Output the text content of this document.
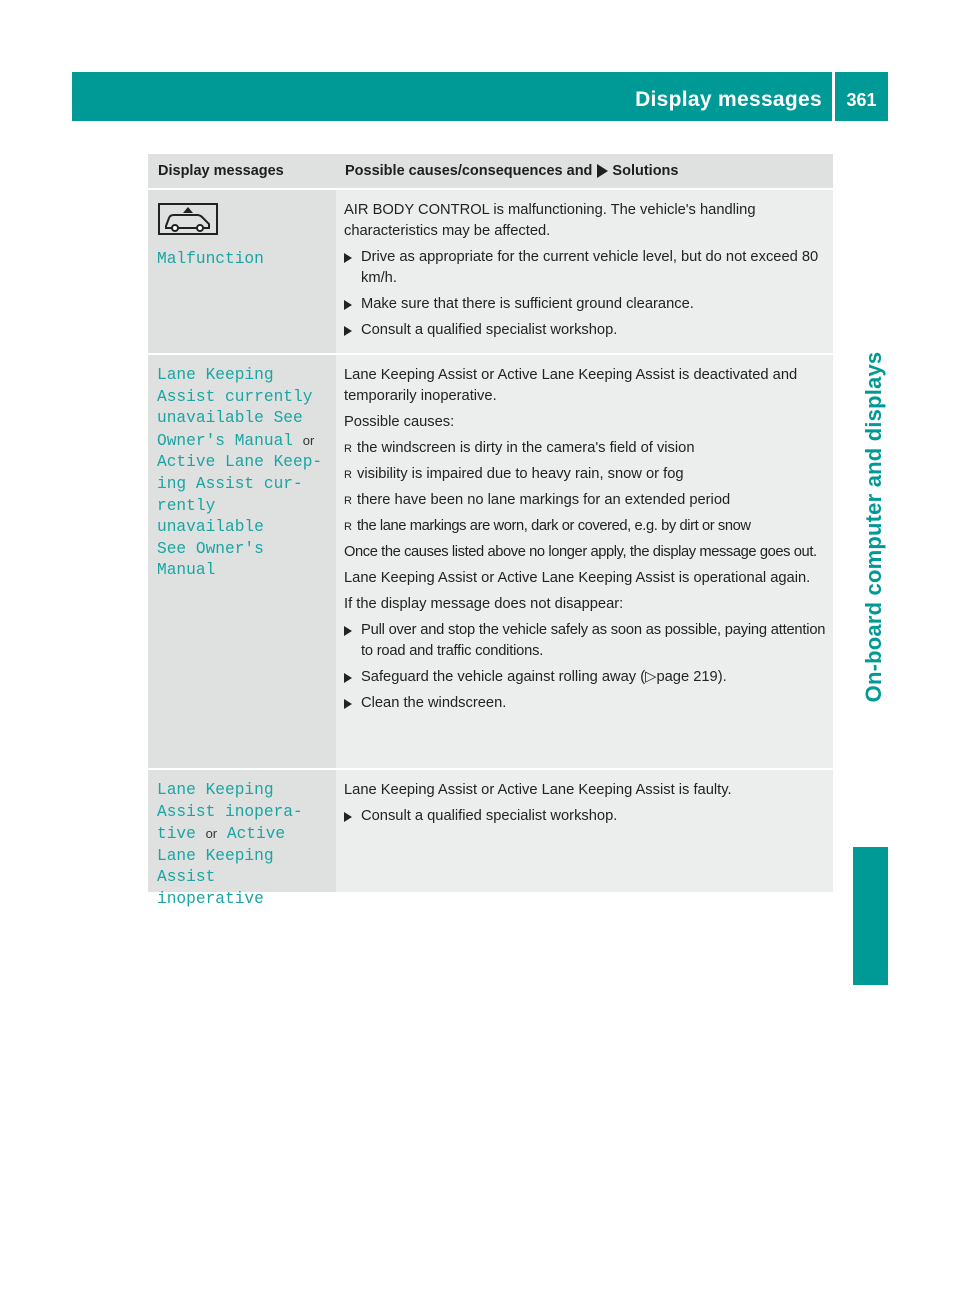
Display messages	361
On-board computer and displays
Display messages	Possible causes/consequences and Solutions
Malfunction

AIR BODY CONTROL is malfunctioning. The vehicle's handling characteristics may be affected.

Drive as appropriate for the current vehicle level, but do not exceed 80 km/h.
Make sure that there is sufficient ground clearance.
Consult a qualified specialist workshop.
Lane Keeping
Assist currently
unavailable See
Owner's Manual or
Active Lane Keep‐
ing Assist cur‐
rently unavailable
See Owner's Manual

Lane Keeping Assist or Active Lane Keeping Assist is deactivated and temporarily inoperative.

Possible causes:

R the windscreen is dirty in the camera's field of vision
R visibility is impaired due to heavy rain, snow or fog
R there have been no lane markings for an extended period
R the lane markings are worn, dark or covered, e.g. by dirt or snow

Once the causes listed above no longer apply, the display message goes out.

Lane Keeping Assist or Active Lane Keeping Assist is operational again.

If the display message does not disappear:

Pull over and stop the vehicle safely as soon as possible, paying attention to road and traffic conditions.
Safeguard the vehicle against rolling away (▷page 219).
Clean the windscreen.
Lane Keeping
Assist inopera‐
tive or Active
Lane Keeping
Assist inoperative

Lane Keeping Assist or Active Lane Keeping Assist is faulty.

Consult a qualified specialist workshop.
